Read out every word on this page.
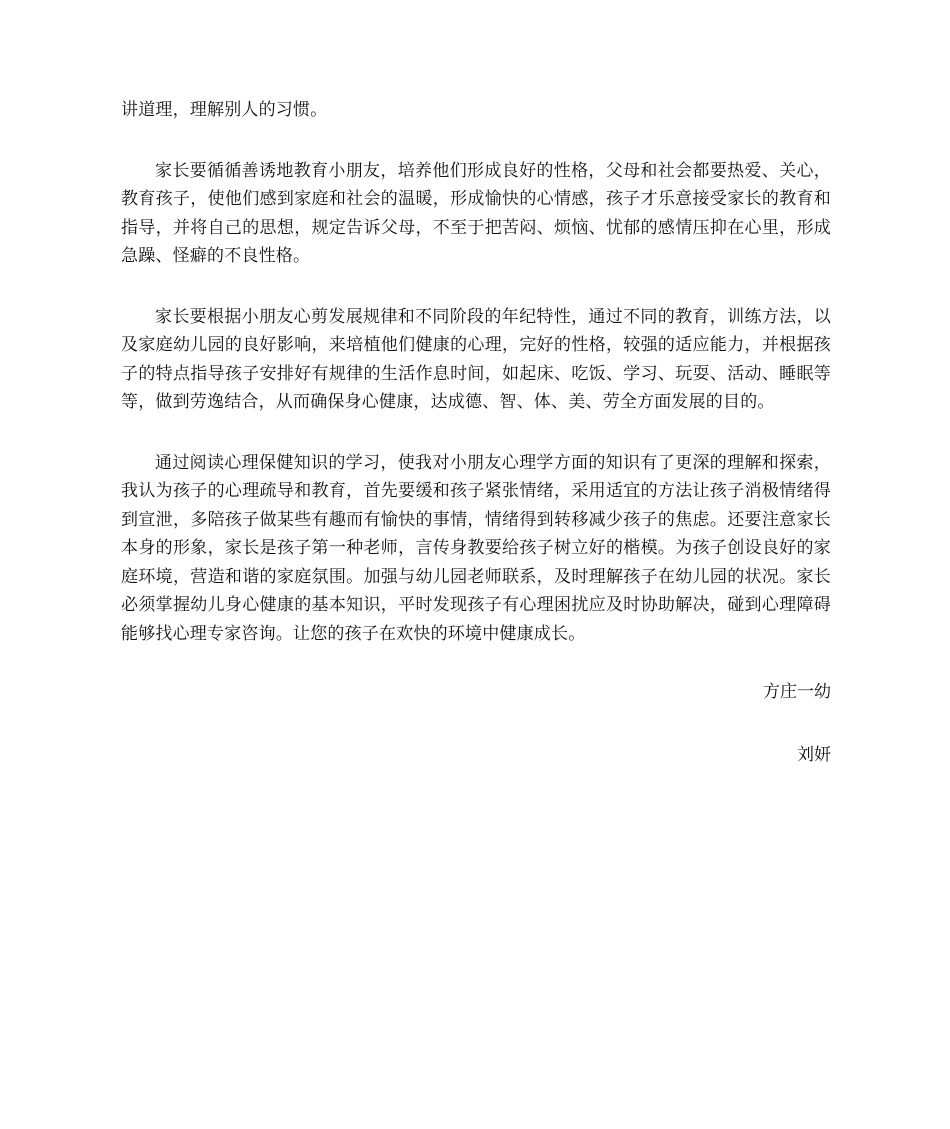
讲道理，理解别人的习惯。

家长要循循善诱地教育小朋友，培养他们形成良好的性格，父母和社会都要热爱、关心，教育孩子，使他们感到家庭和社会的温暖，形成愉快的心情感，孩子才乐意接受家长的教育和指导，并将自己的思想，规定告诉父母，不至于把苦闷、烦恼、忧郁的感情压抑在心里，形成急躁、怪癖的不良性格。

家长要根据小朋友心剪发展规律和不同阶段的年纪特性，通过不同的教育，训练方法，以及家庭幼儿园的良好影响，来培植他们健康的心理，完好的性格，较强的适应能力，并根据孩子的特点指导孩子安排好有规律的生活作息时间，如起床、吃饭、学习、玩耍、活动、睡眠等等，做到劳逸结合，从而确保身心健康，达成德、智、体、美、劳全方面发展的目的。

通过阅读心理保健知识的学习，使我对小朋友心理学方面的知识有了更深的理解和探索，我认为孩子的心理疏导和教育，首先要缓和孩子紧张情绪，采用适宜的方法让孩子消极情绪得到宣泄，多陪孩子做某些有趣而有愉快的事情，情绪得到转移减少孩子的焦虑。还要注意家长本身的形象，家长是孩子第一种老师，言传身教要给孩子树立好的楷模。为孩子创设良好的家庭环境，营造和谐的家庭氛围。加强与幼儿园老师联系，及时理解孩子在幼儿园的状况。家长必须掌握幼儿身心健康的基本知识，平时发现孩子有心理困扰应及时协助解决，碰到心理障碍能够找心理专家咨询。让您的孩子在欢快的环境中健康成长。

方庄一幼

刘妍
